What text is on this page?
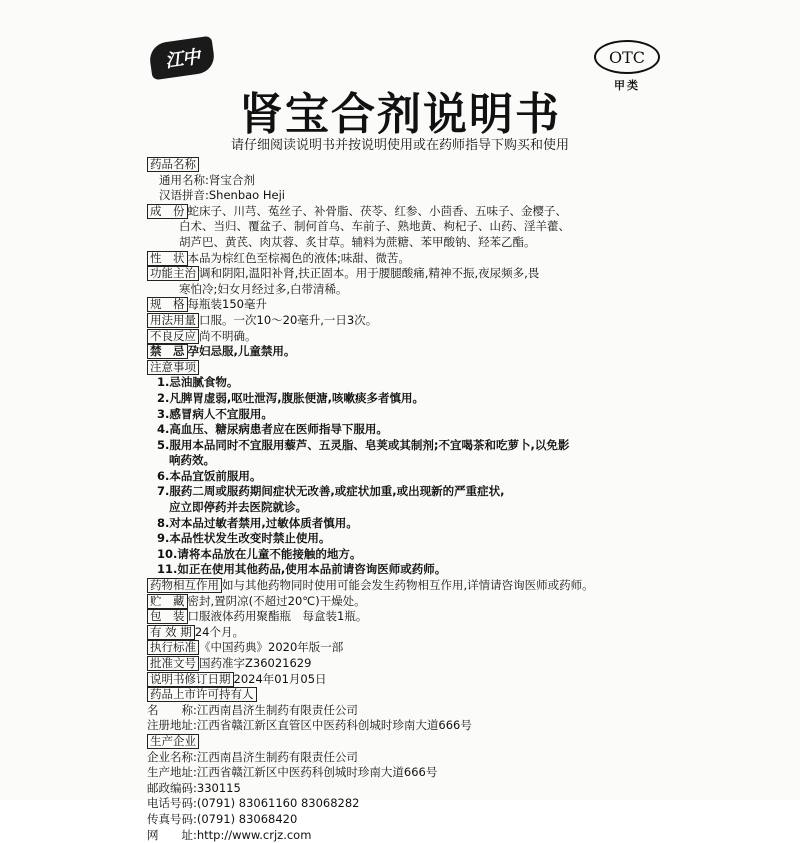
江中	OTC
甲类
肾宝合剂说明书
请仔细阅读说明书并按说明使用或在药师指导下购买和使用
药品名称
通用名称:肾宝合剂
汉语拼音:Shenbao Heji
成　份 蛇床子、川芎、菟丝子、补骨脂、茯苓、红参、小茴香、五味子、金樱子、
白术、当归、覆盆子、制何首乌、车前子、熟地黄、枸杞子、山药、淫羊藿、
胡芦巴、黄芪、肉苁蓉、炙甘草。辅料为蔗糖、苯甲酸钠、羟苯乙酯。
性　状 本品为棕红色至棕褐色的液体;味甜、微苦。
功能主治 调和阴阳,温阳补肾,扶正固本。用于腰腿酸痛,精神不振,夜尿频多,畏
寒怕冷;妇女月经过多,白带清稀。
规　格 每瓶装150毫升
用法用量 口服。一次10～20毫升,一日3次。
不良反应 尚不明确。
禁　忌 孕妇忌服,儿童禁用。
注意事项
1.忌油腻食物。
2.凡脾胃虚弱,呕吐泄泻,腹胀便溏,咳嗽痰多者慎用。
3.感冒病人不宜服用。
4.高血压、糖尿病患者应在医师指导下服用。
5.服用本品同时不宜服用藜芦、五灵脂、皂荚或其制剂;不宜喝茶和吃萝卜,以免影
响药效。
6.本品宜饭前服用。
7.服药二周或服药期间症状无改善,或症状加重,或出现新的严重症状,
应立即停药并去医院就诊。
8.对本品过敏者禁用,过敏体质者慎用。
9.本品性状发生改变时禁止使用。
10.请将本品放在儿童不能接触的地方。
11.如正在使用其他药品,使用本品前请咨询医师或药师。
药物相互作用 如与其他药物同时使用可能会发生药物相互作用,详情请咨询医师或药师。
贮　藏 密封,置阴凉(不超过20℃)干燥处。
包　装 口服液体药用聚酯瓶　每盒装1瓶。
有 效 期 24个月。
执行标准 《中国药典》2020年版一部
批准文号 国药准字Z36021629
说明书修订日期 2024年01月05日
药品上市许可持有人
名　　称:江西南昌济生制药有限责任公司
注册地址:江西省赣江新区直管区中医药科创城时珍南大道666号
生产企业
企业名称:江西南昌济生制药有限责任公司
生产地址:江西省赣江新区中医药科创城时珍南大道666号
邮政编码:330115
电话号码:(0791) 83061160 83068282
传真号码:(0791) 83068420
网　　址:http://www.crjz.com
